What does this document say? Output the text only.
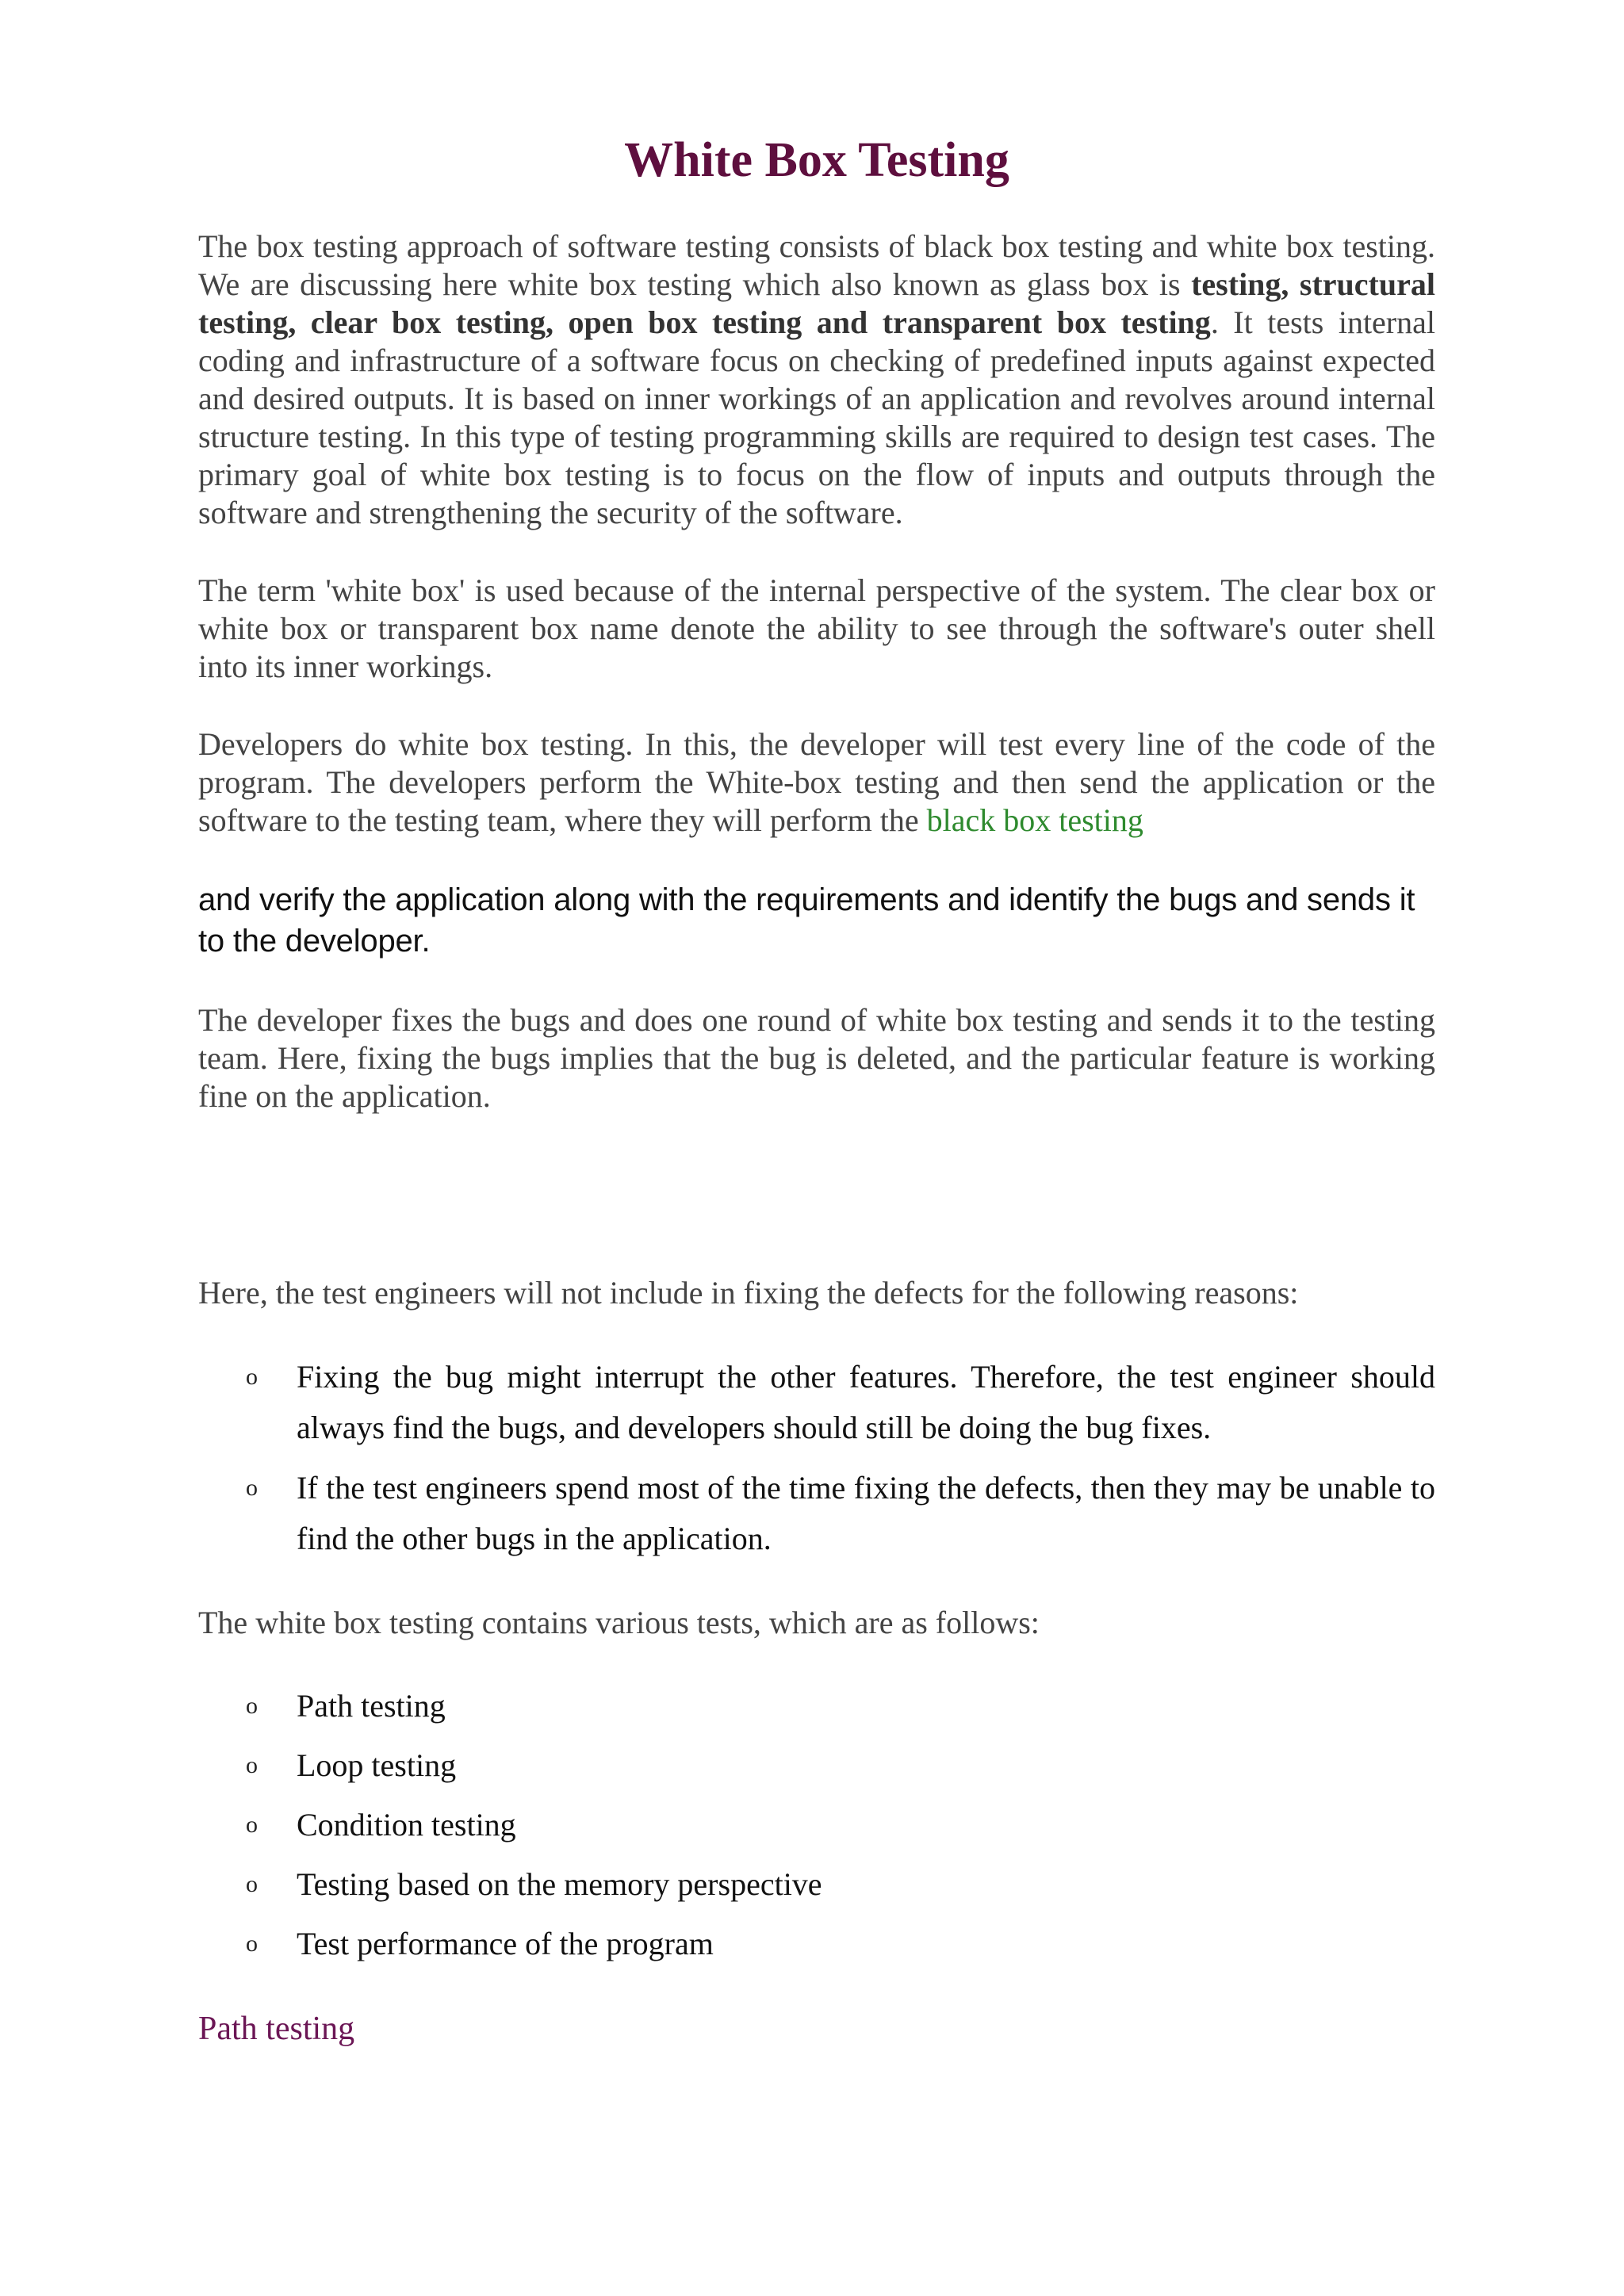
White Box Testing

The box testing approach of software testing consists of black box testing and white box testing. We are discussing here white box testing which also known as glass box is testing, structural testing, clear box testing, open box testing and transparent box testing. It tests internal coding and infrastructure of a software focus on checking of predefined inputs against expected and desired outputs. It is based on inner workings of an application and revolves around internal structure testing. In this type of testing programming skills are required to design test cases. The primary goal of white box testing is to focus on the flow of inputs and outputs through the software and strengthening the security of the software.

The term 'white box' is used because of the internal perspective of the system. The clear box or white box or transparent box name denote the ability to see through the software's outer shell into its inner workings.

Developers do white box testing. In this, the developer will test every line of the code of the program. The developers perform the White-box testing and then send the application or the software to the testing team, where they will perform the black box testing

and verify the application along with the requirements and identify the bugs and sends it to the developer.

The developer fixes the bugs and does one round of white box testing and sends it to the testing team. Here, fixing the bugs implies that the bug is deleted, and the particular feature is working fine on the application.

Here, the test engineers will not include in fixing the defects for the following reasons:

o Fixing the bug might interrupt the other features. Therefore, the test engineer should always find the bugs, and developers should still be doing the bug fixes.
o If the test engineers spend most of the time fixing the defects, then they may be unable to find the other bugs in the application.

The white box testing contains various tests, which are as follows:

o Path testing
o Loop testing
o Condition testing
o Testing based on the memory perspective
o Test performance of the program

Path testing
